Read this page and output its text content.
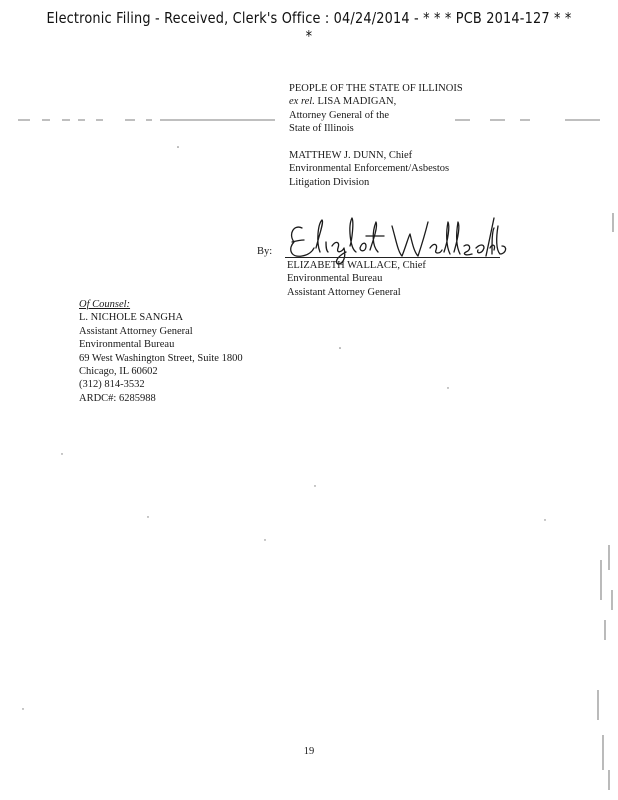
Electronic Filing - Received, Clerk's Office : 04/24/2014 - * * * PCB 2014-127 * * *
PEOPLE OF THE STATE OF ILLINOIS
ex rel. LISA MADIGAN,
Attorney General of the
State of Illinois
MATTHEW J. DUNN, Chief
Environmental Enforcement/Asbestos
Litigation Division
By:
ELIZABETH WALLACE, Chief
Environmental Bureau
Assistant Attorney General
Of Counsel:
L. NICHOLE SANGHA
Assistant Attorney General
Environmental Bureau
69 West Washington Street, Suite 1800
Chicago, IL 60602
(312) 814-3532
ARDC#: 6285988
19
